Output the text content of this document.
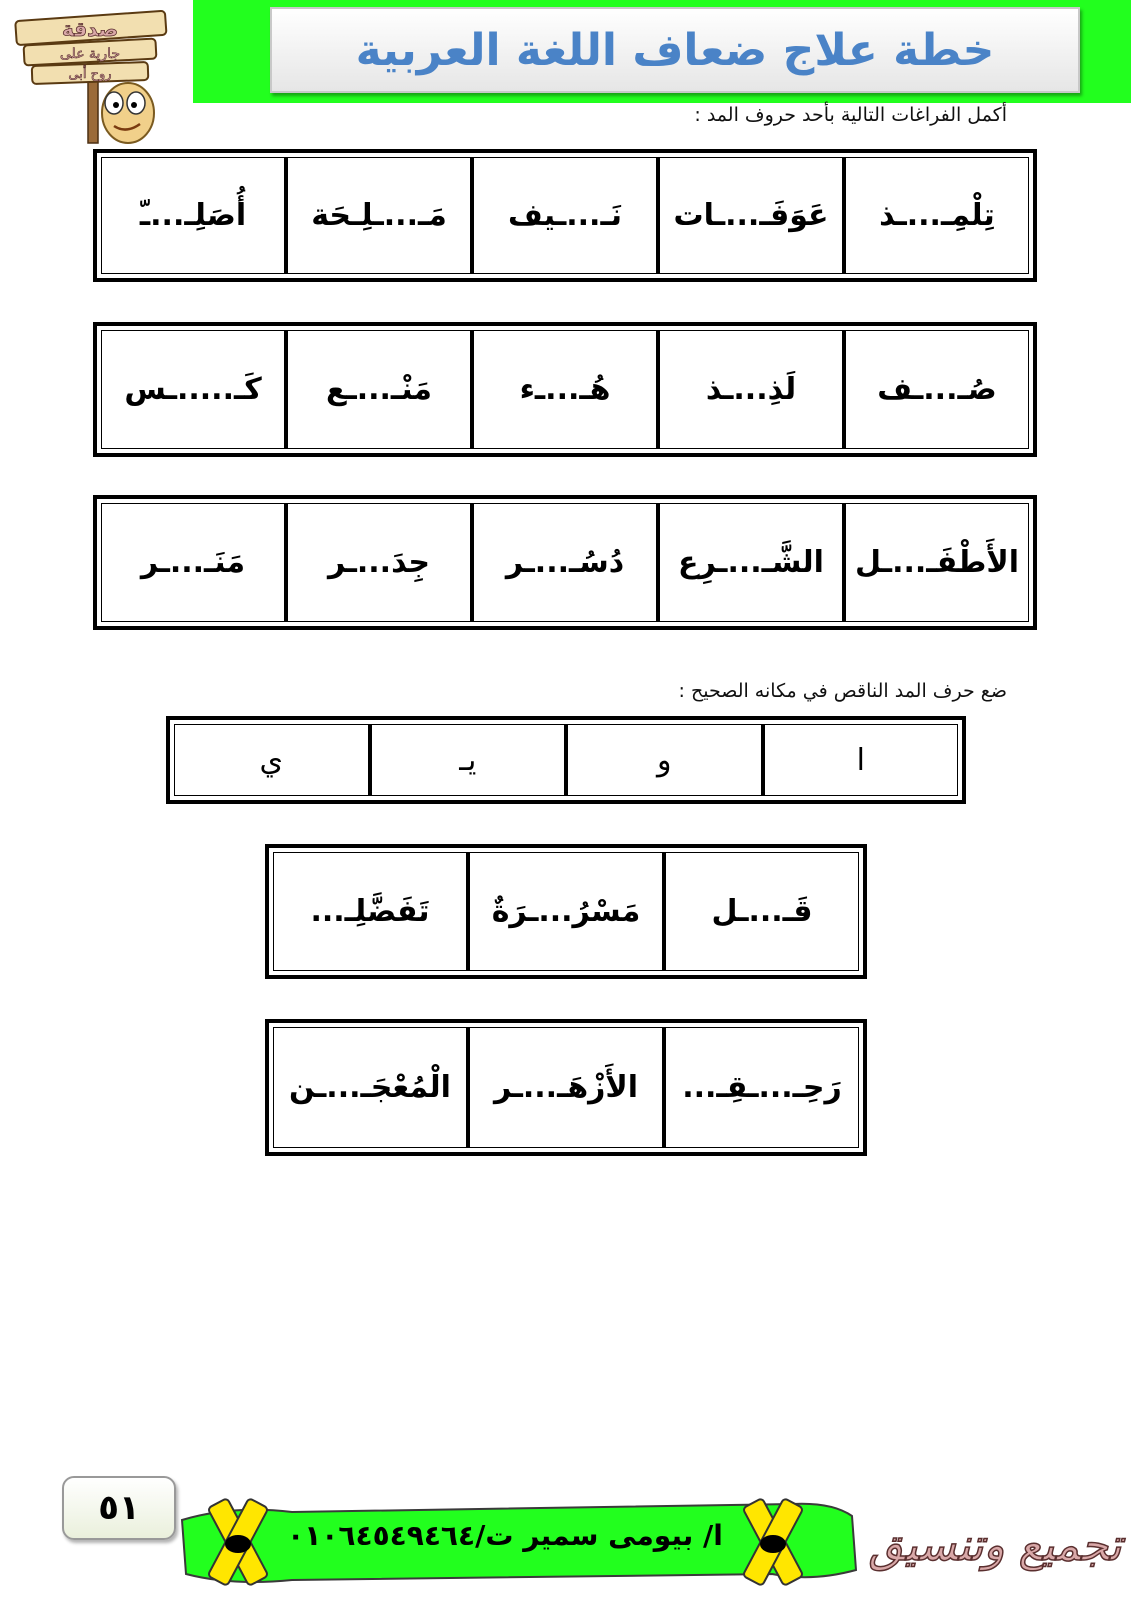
خطة علاج ضعاف اللغة العربية
صدقة
جارية على
روح أبى
أكمل الفراغات التالية بأحد حروف المد :
تِلْمِـ...ـذ
عَوَفَـ...ـات
نَـ...ـيف
مَـ...ـلِـحَة
أُصَلِـ...ـّ
صُـ...ـف
لَذِ...ـذ
هُـ...ـء
مَنْـ...ـع
كَـ.....ـس
الأَطْفَـ...ـل
الشَّـ...ـرِع
دُسُـ...ـر
جِدَ...ـر
مَنَـ...ـر
ضع حرف المد الناقص في مكانه الصحيح :
ا
و
يـ
ي
قَـ...ـل
مَسْرُ...ـرَةٌ
تَفَضَّلِـ...
رَحِـ...ـقِـ...
الأَزْهَـ...ـر
الْمُعْجَـ...ـن
٥١
ا/ بيومى سمير ت/٠١٠٦٤٥٤٩٤٦٤	تجميع وتنسيق
